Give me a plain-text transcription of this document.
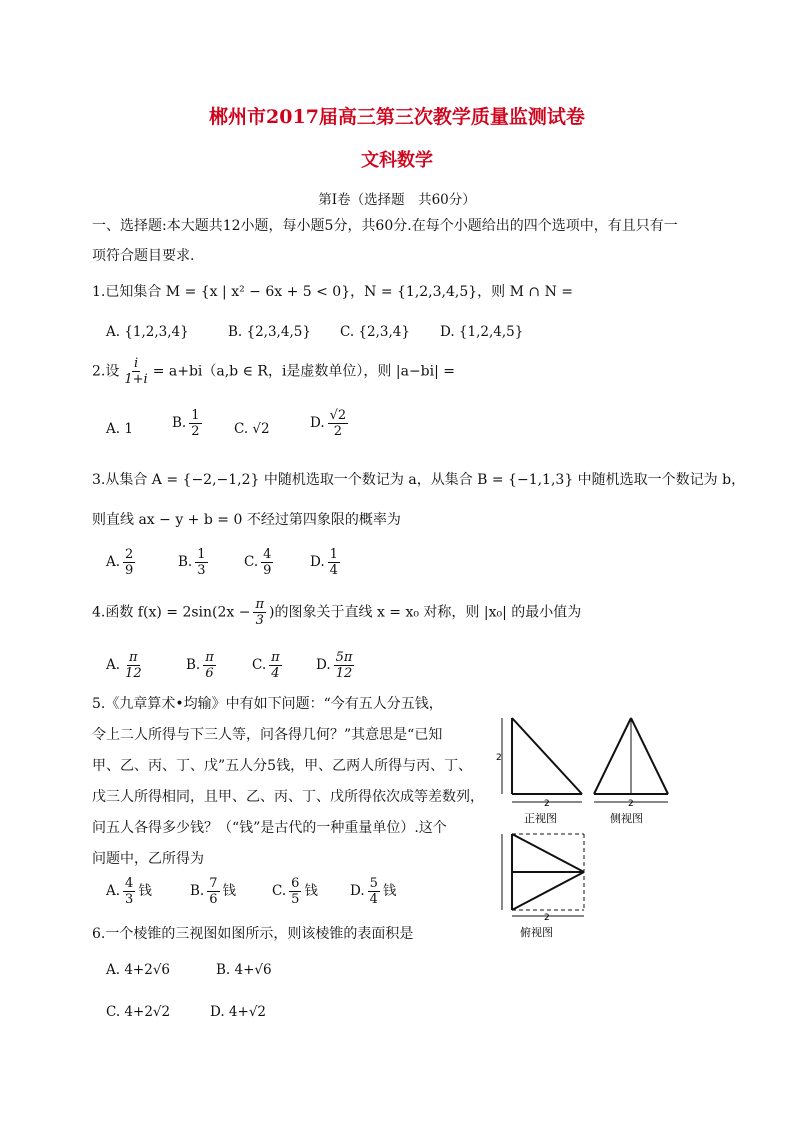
郴州市2017届高三第三次教学质量监测试卷
文科数学
第Ⅰ卷（选择题　共60分）
一、选择题:本大题共12小题，每小题5分，共60分.在每个小题给出的四个选项中，有且只有一
项符合题目要求.
1.已知集合 M = {x | x² − 6x + 5 < 0}，N = {1,2,3,4,5}，则 M ∩ N =
A. {1,2,3,4}	B. {2,3,4,5} C. {2,3,4} D. {1,2,4,5}
2.设 $\frac{i}{1+i} = a+bi(a,b$ ∈ R，i是虚数单位），则 |a−bi| =
A. 1	B. $\frac{1}{2} C$. √2	D. $\frac{√2}{2}$
3.从集合 A = {−2,−1,2} 中随机选取一个数记为 a，从集合 B = {−1,1,3} 中随机选取一个数记为 b，
则直线 ax − y + b = 0 不经过第四象限的概率为
A. $\frac{2}{9}$	B. $\frac{1}{3}$	C. $\frac{4}{9}$	D. $\frac{1}{4}$
4.函数 $f(x) = 2\sin(2x - \frac{\pi}{3}$ )的图象关于直线 x = x₀ 对称，则 |x₀| 的最小值为
A. $\frac{\pi}{12}$	B. $\frac{\pi}{6}$	C. $\frac{\pi}{4}$	D. $\frac{5\pi}{12}$
5.《九章算术•均输》中有如下问题：“今有五人分五钱，
令上二人所得与下三人等，问各得几何？”其意思是“已知
甲、乙、丙、丁、戊”五人分5钱，甲、乙两人所得与丙、丁、
戊三人所得相同，且甲、乙、丙、丁、戊所得依次成等差数列，
问五人各得多少钱？（“钱”是古代的一种重量单位）.这个
问题中，乙所得为
A. $\frac{4}{3}$ 钱	B. $\frac{7}{6}$ 钱	C. $\frac{6}{5}$ 钱 D. $\frac{5}{4}$ 钱
6.一个棱锥的三视图如图所示，则该棱锥的表面积是
A. 4+2√6	B. 4+√6
C. 4+2√2	D. 4+√2
2
2
正视图
2
侧视图
2
俯视图
